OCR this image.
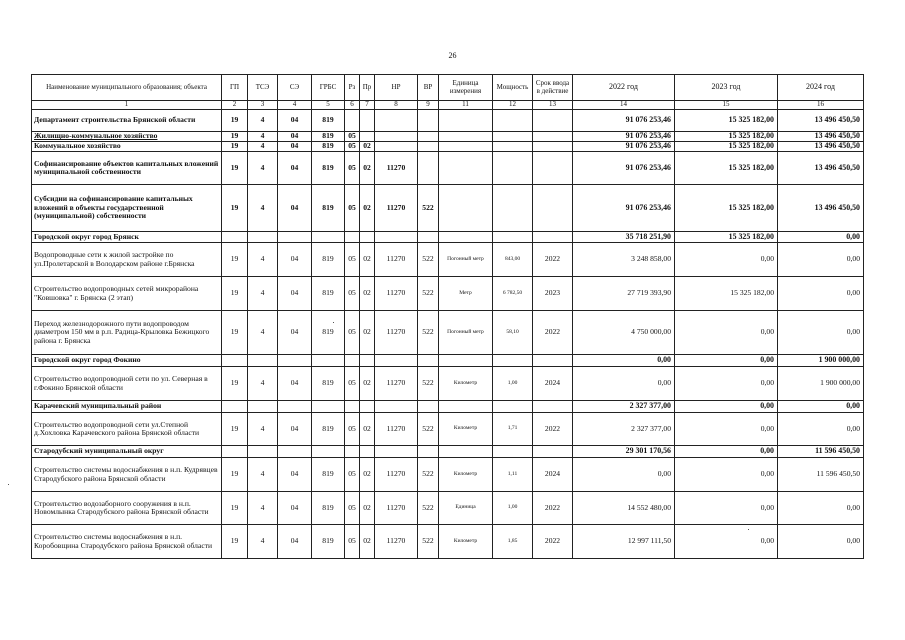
26
Наименование муниципального образования; объекта	ГП	ТСЭ	СЭ	ГРБС	Рз	Пр	НР	ВР	Единица измерения	Мощность	Срок ввода в действие	2022 год	2023 год	2024 год
1	2	3	4	5	6	7	8	9	11	12	13	14	15	16
Департамент строительства Брянской области	19	4	04	819								91 076 253,46	15 325 182,00	13 496 450,50
Жилищно-коммунальное хозяйство	19	4	04	819	05							91 076 253,46	15 325 182,00	13 496 450,50
Коммунальное хозяйство	19	4	04	819	05	02						91 076 253,46	15 325 182,00	13 496 450,50
Софинансирование объектов капитальных вложений муниципальной собственности	19	4	04	819	05	02	11270					91 076 253,46	15 325 182,00	13 496 450,50
Субсидии на софинансирование капитальных вложений в объекты государственной (муниципальной) собственности	19	4	04	819	05	02	11270	522				91 076 253,46	15 325 182,00	13 496 450,50
Городской округ город Брянск												35 718 251,90	15 325 182,00	0,00
Водопроводные сети к жилой застройке по ул.Пролетарской в Володарском районе г.Брянска	19	4	04	819	05	02	11270	522	Погонный метр	843,00	2022	3 248 858,00	0,00	0,00
Строительство водопроводных сетей микрорайона "Ковшовка" г. Брянска (2 этап)	19	4	04	819	05	02	11270	522	Метр	6 782,50	2023	27 719 393,90	15 325 182,00	0,00
Переход железнодорожного пути водопроводом диаметром 150 мм в р.п. Радица-Крыловка Бежицкого района г. Брянска	19	4	04	819	05	02	11270	522	Погонный метр	58,10	2022	4 750 000,00	0,00	0,00
Городской округ город Фокино												0,00	0,00	1 900 000,00
Строительство водопроводной сети по ул. Северная в г.Фокино Брянской области	19	4	04	819	05	02	11270	522	Километр	1,00	2024	0,00	0,00	1 900 000,00
Карачевский муниципальный район												2 327 377,00	0,00	0,00
Строительство водопроводной сети ул.Степной д.Хохловка Карачевского района Брянской области	19	4	04	819	05	02	11270	522	Километр	1,71	2022	2 327 377,00	0,00	0,00
Стародубский муниципальный округ												29 301 170,56	0,00	11 596 450,50
Строительство системы водоснабжения в н.п. Кудрявцев Стародубского района Брянской области	19	4	04	819	05	02	11270	522	Километр	1,11	2024	0,00	0,00	11 596 450,50
Строительство водозаборного сооружения в н.п. Новомлынка Стародубского района Брянской области	19	4	04	819	05	02	11270	522	Единица	1,00	2022	14 552 480,00	0,00	0,00
Строительство системы водоснабжения в н.п. Коробовщина Стародубского района Брянской области	19	4	04	819	05	02	11270	522	Километр	1,85	2022	12 997 111,50	0,00	0,00
